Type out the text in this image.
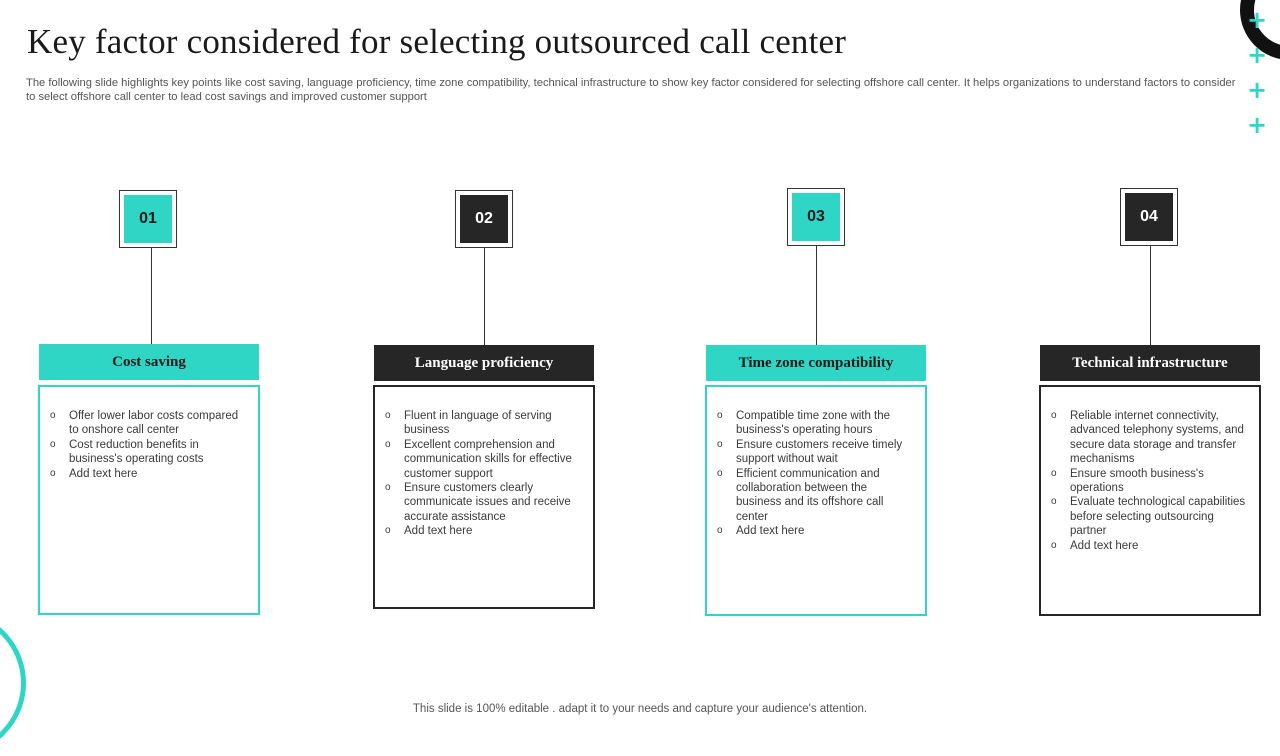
+
+
+
+
Key factor considered for selecting outsourced call center

The following slide highlights key points like cost saving, language proficiency, time zone compatibility, technical infrastructure to show key factor considered for selecting offshore call center. It helps organizations to understand factors to consider to select offshore call center to lead cost savings and improved customer support

01
Cost saving
o Offer lower labor costs compared to onshore call center
o Cost reduction benefits in business's operating costs
o Add text here
02
Language proficiency
o Fluent in language of serving business
o Excellent comprehension and communication skills for effective customer support
o Ensure customers clearly communicate issues and receive accurate assistance
o Add text here
03
Time zone compatibility
o Compatible time zone with the business's operating hours
o Ensure customers receive timely support without wait
o Efficient communication and collaboration between the business and its offshore call center
o Add text here
04
Technical infrastructure
o Reliable internet connectivity, advanced telephony systems, and secure data storage and transfer mechanisms
o Ensure smooth business's operations
o Evaluate technological capabilities before selecting outsourcing partner
o Add text here
This slide is 100% editable . adapt it to your needs and capture your audience's attention.
